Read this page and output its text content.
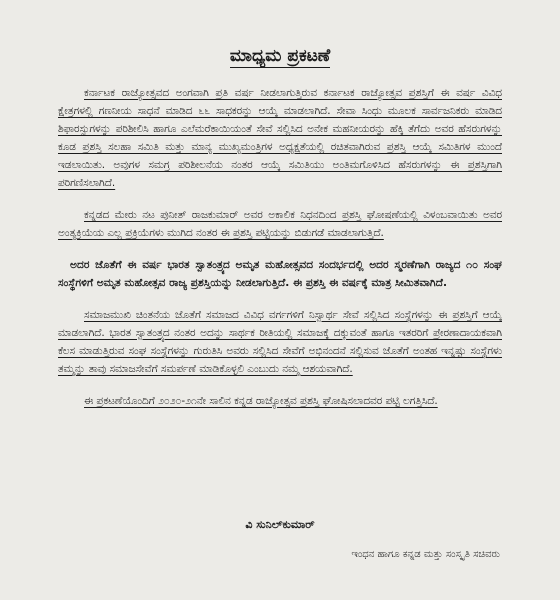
ಮಾಧ್ಯಮ ಪ್ರಕಟಣೆ

ಕರ್ನಾಟಕ ರಾಜ್ಯೋತ್ಸವದ ಅಂಗವಾಗಿ ಪ್ರತಿ ವರ್ಷ ನೀಡಲಾಗುತ್ತಿರುವ ಕರ್ನಾಟಕ ರಾಜ್ಯೋತ್ಸವ ಪ್ರಶಸ್ತಿಗೆ ಈ ವರ್ಷ ವಿವಿಧ ಕ್ಷೇತ್ರಗಳಲ್ಲಿ ಗಣನೀಯ ಸಾಧನೆ ಮಾಡಿದ ೬೬ ಸಾಧಕರನ್ನು ಆಯ್ಕೆ ಮಾಡಲಾಗಿದೆ. ಸೇವಾ ಸಿಂಧು ಮೂಲಕ ಸಾರ್ವಜನಿಕರು ಮಾಡಿದ ಶಿಫಾರಸ್ಸುಗಳನ್ನು ಪರಿಶೀಲಿಸಿ ಹಾಗೂ ಎಲೆಮರೆಕಾಯಿಯಂತೆ ಸೇವೆ ಸಲ್ಲಿಸಿದ ಅನೇಕ ಮಹನೀಯರನ್ನು ಹೆಕ್ಕಿ ತೆಗೆದು ಅವರ ಹೆಸರುಗಳನ್ನು ಕೂಡ ಪ್ರಶಸ್ತಿ ಸಲಹಾ ಸಮಿತಿ ಮತ್ತು ಮಾನ್ಯ ಮುಖ್ಯಮಂತ್ರಿಗಳ ಅಧ್ಯಕ್ಷತೆಯಲ್ಲಿ ರಚಿತವಾಗಿರುವ ಪ್ರಶಸ್ತಿ ಆಯ್ಕೆ ಸಮಿತಿಗಳ ಮುಂದೆ ಇಡಲಾಯಿತು. ಅವುಗಳ ಸಮಗ್ರ ಪರಿಶೀಲನೆಯ ನಂತರ ಆಯ್ಕೆ ಸಮಿತಿಯು ಅಂತಿಮಗೊಳಿಸಿದ ಹೆಸರುಗಳನ್ನು ಈ ಪ್ರಶಸ್ತಿಗಾಗಿ ಪರಿಗಣಿಸಲಾಗಿದೆ.

ಕನ್ನಡದ ಮೇರು ನಟ ಪುನೀತ್ ರಾಜಕುಮಾರ್ ಅವರ ಅಕಾಲಿಕ ನಿಧನದಿಂದ ಪ್ರಶಸ್ತಿ ಘೋಷಣೆಯಲ್ಲಿ ವಿಳಂಬವಾಯಿತು ಅವರ ಅಂತ್ಯಕ್ರಿಯೆಯ ಎಲ್ಲ ಪ್ರಕ್ರಿಯೆಗಳು ಮುಗಿದ ನಂತರ ಈ ಪ್ರಶಸ್ತಿ ಪಟ್ಟಿಯನ್ನು ಬಿಡುಗಡೆ ಮಾಡಲಾಗುತ್ತಿದೆ.

ಅದರ ಜೊತೆಗೆ ಈ ವರ್ಷ ಭಾರತ ಸ್ವಾತಂತ್ರ್ಯದ ಅಮೃತ ಮಹೋತ್ಸವದ ಸಂದರ್ಭದಲ್ಲಿ ಅದರ ಸ್ಮರಣೆಗಾಗಿ ರಾಜ್ಯದ ೧೦ ಸಂಘ ಸಂಸ್ಥೆಗಳಿಗೆ ಅಮೃತ ಮಹೋತ್ಸವ ರಾಜ್ಯ ಪ್ರಶಸ್ತಿಯನ್ನು ನೀಡಲಾಗುತ್ತಿದೆ. ಈ ಪ್ರಶಸ್ತಿ ಈ ವರ್ಷಕ್ಕೆ ಮಾತ್ರ ಸೀಮಿತವಾಗಿದೆ.

ಸಮಾಜಮುಖಿ ಚಿಂತನೆಯ ಜೊತೆಗೆ ಸಮಾಜದ ವಿವಿಧ ವರ್ಗಗಳಿಗೆ ನಿಸ್ವಾರ್ಥ ಸೇವೆ ಸಲ್ಲಿಸಿದ ಸಂಸ್ಥೆಗಳನ್ನು ಈ ಪ್ರಶಸ್ತಿಗೆ ಆಯ್ಕೆ ಮಾಡಲಾಗಿದೆ. ಭಾರತ ಸ್ವಾತಂತ್ರ್ಯದ ನಂತರ ಅದನ್ನು ಸಾರ್ಥಕ ರೀತಿಯಲ್ಲಿ ಸಮಾಜಕ್ಕೆ ದಕ್ಕುವಂತೆ ಹಾಗೂ ಇತರರಿಗೆ ಪ್ರೇರಣಾದಾಯಕವಾಗಿ ಕೆಲಸ ಮಾಡುತ್ತಿರುವ ಸಂಘ ಸಂಸ್ಥೆಗಳನ್ನು ಗುರುತಿಸಿ ಅವರು ಸಲ್ಲಿಸಿದ ಸೇವೆಗೆ ಅಭಿನಂದನೆ ಸಲ್ಲಿಸುವ ಜೊತೆಗೆ ಅಂತಹ ಇನ್ನಷ್ಟು ಸಂಸ್ಥೆಗಳು ತಮ್ಮನ್ನು ತಾವು ಸಮಾಜಸೇವೆಗೆ ಸಮರ್ಪಣೆ ಮಾಡಿಕೊಳ್ಳಲಿ ಎಂಬುದು ನಮ್ಮ ಆಶಯವಾಗಿದೆ.

ಈ ಪ್ರಕಟಣೆಯೊಂದಿಗೆ ೨೦೨೦-೨೧ನೇ ಸಾಲಿನ ಕನ್ನಡ ರಾಜ್ಯೋತ್ಸವ ಪ್ರಶಸ್ತಿ ಘೋಷಿಸಲಾದವರ ಪಟ್ಟಿ ಲಗತ್ತಿಸಿದೆ.

ವಿ ಸುನಿಲ್‌ಕುಮಾರ್

ಇಂಧನ ಹಾಗೂ ಕನ್ನಡ ಮತ್ತು ಸಂಸ್ಕೃತಿ ಸಚಿವರು
